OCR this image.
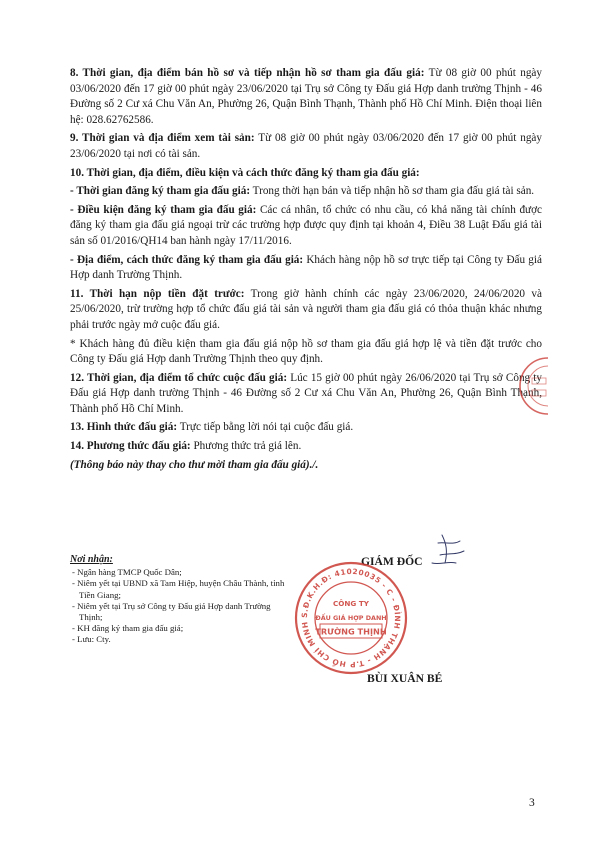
8. Thời gian, địa điểm bán hồ sơ và tiếp nhận hồ sơ tham gia đấu giá: Từ 08 giờ 00 phút ngày 03/06/2020 đến 17 giờ 00 phút ngày 23/06/2020 tại Trụ sở Công ty Đấu giá Hợp danh trường Thịnh - 46 Đường số 2 Cư xá Chu Văn An, Phường 26, Quận Bình Thạnh, Thành phố Hồ Chí Minh. Điện thoại liên hệ: 028.62762586.

9. Thời gian và địa điểm xem tài sản: Từ 08 giờ 00 phút ngày 03/06/2020 đến 17 giờ 00 phút ngày 23/06/2020 tại nơi có tài sản.

10. Thời gian, địa điểm, điều kiện và cách thức đăng ký tham gia đấu giá:

- Thời gian đăng ký tham gia đấu giá: Trong thời hạn bán và tiếp nhận hồ sơ tham gia đấu giá tài sản.

- Điều kiện đăng ký tham gia đấu giá: Các cá nhân, tổ chức có nhu cầu, có khả năng tài chính được đăng ký tham gia đấu giá ngoại trừ các trường hợp được quy định tại khoản 4, Điều 38 Luật Đấu giá tài sản số 01/2016/QH14 ban hành ngày 17/11/2016.

- Địa điểm, cách thức đăng ký tham gia đấu giá: Khách hàng nộp hồ sơ trực tiếp tại Công ty Đấu giá Hợp danh Trường Thịnh.

11. Thời hạn nộp tiền đặt trước: Trong giờ hành chính các ngày 23/06/2020, 24/06/2020 và 25/06/2020, trừ trường hợp tổ chức đấu giá tài sản và người tham gia đấu giá có thỏa thuận khác nhưng phải trước ngày mở cuộc đấu giá.

* Khách hàng đủ điều kiện tham gia đấu giá nộp hồ sơ tham gia đấu giá hợp lệ và tiền đặt trước cho Công ty Đấu giá Hợp danh Trường Thịnh theo quy định.

12. Thời gian, địa điểm tổ chức cuộc đấu giá: Lúc 15 giờ 00 phút ngày 26/06/2020 tại Trụ sở Công ty Đấu giá Hợp danh trường Thịnh - 46 Đường số 2 Cư xá Chu Văn An, Phường 26, Quận Bình Thạnh, Thành phố Hồ Chí Minh.

13. Hình thức đấu giá: Trực tiếp bằng lời nói tại cuộc đấu giá.

14. Phương thức đấu giá: Phương thức trả giá lên.

(Thông báo này thay cho thư mời tham gia đấu giá)./.

Nơi nhận:
- Ngân hàng TMCP Quốc Dân;
- Niêm yết tại UBND xã Tam Hiệp, huyện Châu Thành, tỉnh Tiền Giang;
- Niêm yết tại Trụ sở Công ty Đấu giá Hợp danh Trường Thịnh;
- KH đăng ký tham gia đấu giá;
- Lưu: Cty.
GIÁM ĐỐC
S.Đ.K.H.Đ: 41020035 - C - ĐÌNH THẠNH - T.P HỒ CHÍ MINH
CÔNG TY
ĐẤU GIÁ HỢP DANH
TRƯỜNG THỊNH
BÙI XUÂN BÉ
3
